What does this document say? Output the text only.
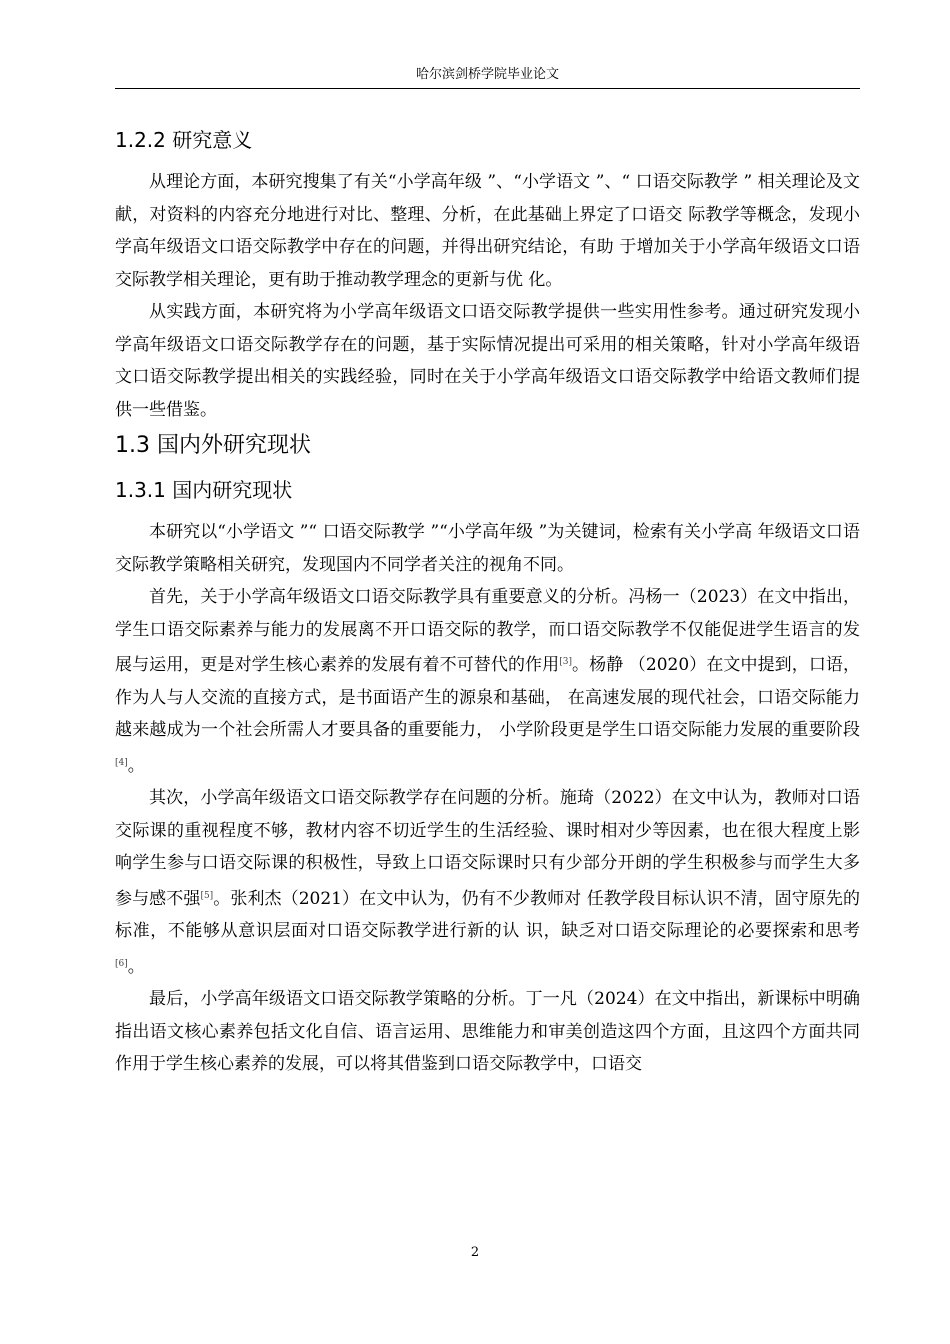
哈尔滨剑桥学院毕业论文
1.2.2 研究意义

从理论方面，本研究搜集了有关“小学高年级 ”、“小学语文 ”、“ 口语交际教学 ” 相关理论及文献，对资料的内容充分地进行对比、整理、分析，在此基础上界定了口语交 际教学等概念，发现小学高年级语文口语交际教学中存在的问题，并得出研究结论，有助 于增加关于小学高年级语文口语交际教学相关理论，更有助于推动教学理念的更新与优 化。

从实践方面，本研究将为小学高年级语文口语交际教学提供一些实用性参考。通过研究发现小学高年级语文口语交际教学存在的问题，基于实际情况提出可采用的相关策略，针对小学高年级语文口语交际教学提出相关的实践经验，同时在关于小学高年级语文口语交际教学中给语文教师们提供一些借鉴。

1.3 国内外研究现状
1.3.1 国内研究现状

本研究以“小学语文 ”“ 口语交际教学 ”“小学高年级 ”为关键词，检索有关小学高 年级语文口语交际教学策略相关研究，发现国内不同学者关注的视角不同。

首先，关于小学高年级语文口语交际教学具有重要意义的分析。冯杨一（2023）在文中指出，学生口语交际素养与能力的发展离不开口语交际的教学，而口语交际教学不仅能促进学生语言的发展与运用，更是对学生核心素养的发展有着不可替代的作用[3]。杨静 （2020）在文中提到，口语，作为人与人交流的直接方式，是书面语产生的源泉和基础， 在高速发展的现代社会，口语交际能力越来越成为一个社会所需人才要具备的重要能力， 小学阶段更是学生口语交际能力发展的重要阶段[4]。

其次，小学高年级语文口语交际教学存在问题的分析。施琦（2022）在文中认为，教师对口语交际课的重视程度不够，教材内容不切近学生的生活经验、课时相对少等因素，也在很大程度上影响学生参与口语交际课的积极性，导致上口语交际课时只有少部分开朗的学生积极参与而学生大多参与感不强[5]。张利杰（2021）在文中认为，仍有不少教师对 任教学段目标认识不清，固守原先的标准，不能够从意识层面对口语交际教学进行新的认 识，缺乏对口语交际理论的必要探索和思考[6]。

最后，小学高年级语文口语交际教学策略的分析。丁一凡（2024）在文中指出，新课标中明确指出语文核心素养包括文化自信、语言运用、思维能力和审美创造这四个方面，且这四个方面共同作用于学生核心素养的发展，可以将其借鉴到口语交际教学中，口语交

2
